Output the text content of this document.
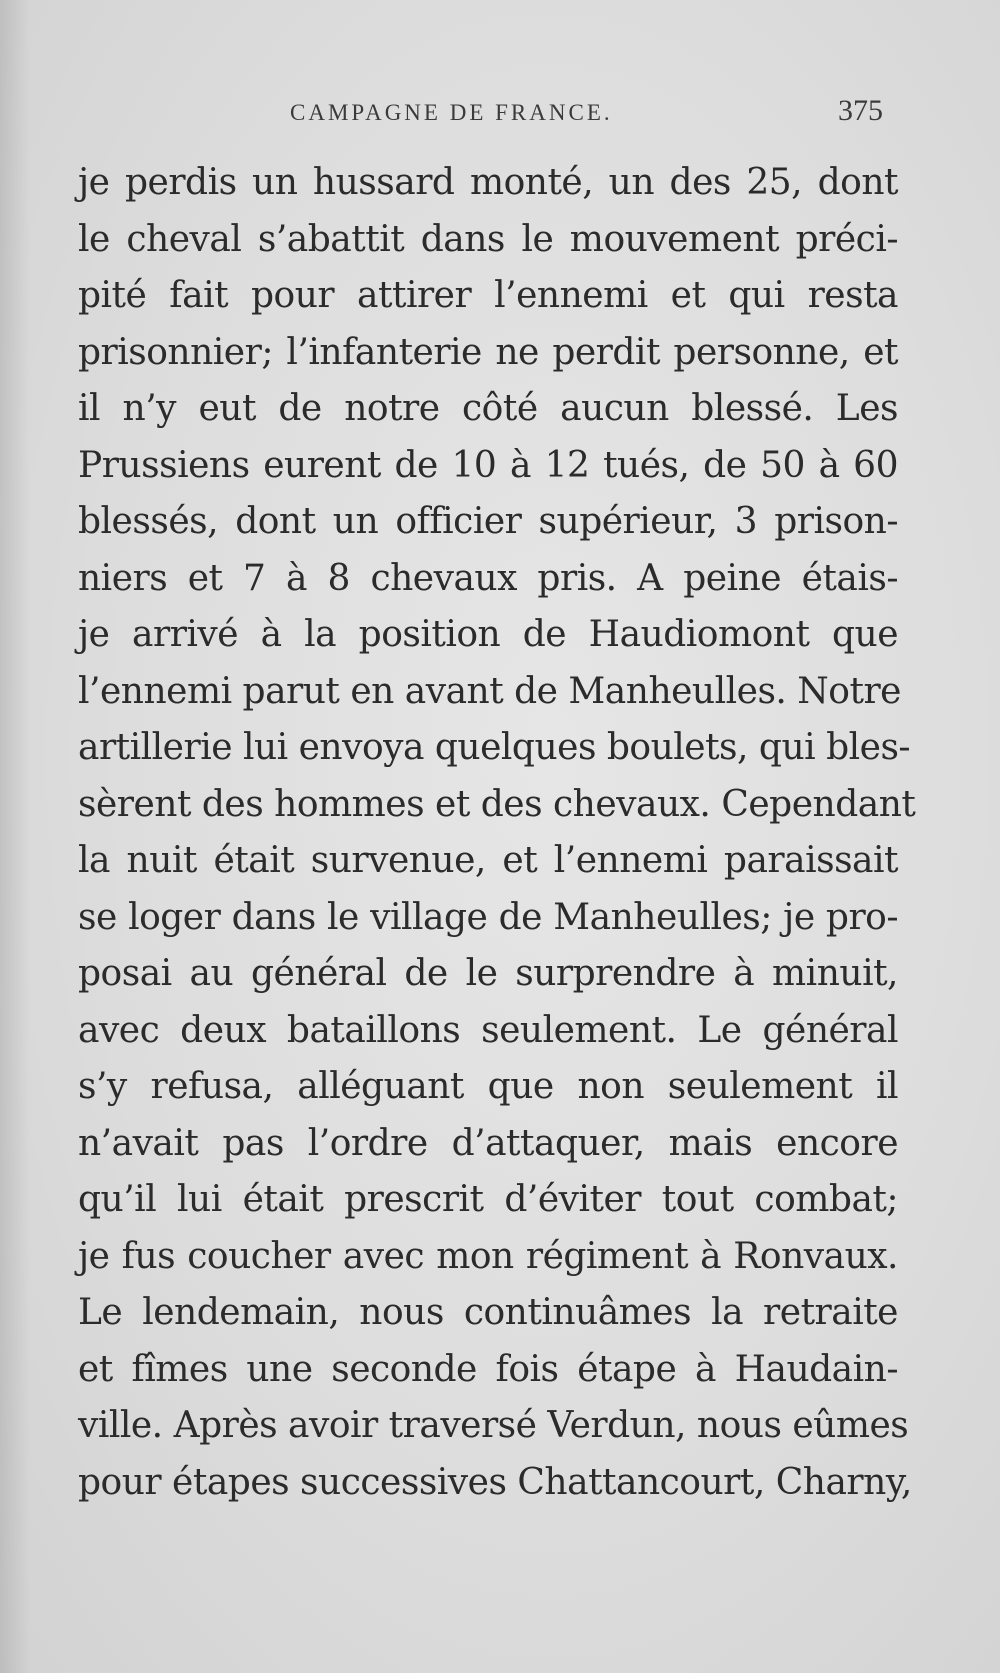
CAMPAGNE DE FRANCE.	375
je perdis un hussard monté, un des 25, dont
le cheval s’abattit dans le mouvement préci-
pité fait pour attirer l’ennemi et qui resta
prisonnier; l’infanterie ne perdit personne, et
il n’y eut de notre côté aucun blessé. Les
Prussiens eurent de 10 à 12 tués, de 50 à 60
blessés, dont un officier supérieur, 3 prison-
niers et 7 à 8 chevaux pris. A peine étais-
je arrivé à la position de Haudiomont que
l’ennemi parut en avant de Manheulles. Notre
artillerie lui envoya quelques boulets, qui bles-
sèrent des hommes et des chevaux. Cependant
la nuit était survenue, et l’ennemi paraissait
se loger dans le village de Manheulles; je pro-
posai au général de le surprendre à minuit,
avec deux bataillons seulement. Le général
s’y refusa, alléguant que non seulement il
n’avait pas l’ordre d’attaquer, mais encore
qu’il lui était prescrit d’éviter tout combat;
je fus coucher avec mon régiment à Ronvaux.
Le lendemain, nous continuâmes la retraite
et fîmes une seconde fois étape à Haudain-
ville. Après avoir traversé Verdun, nous eûmes
pour étapes successives Chattancourt, Charny,
